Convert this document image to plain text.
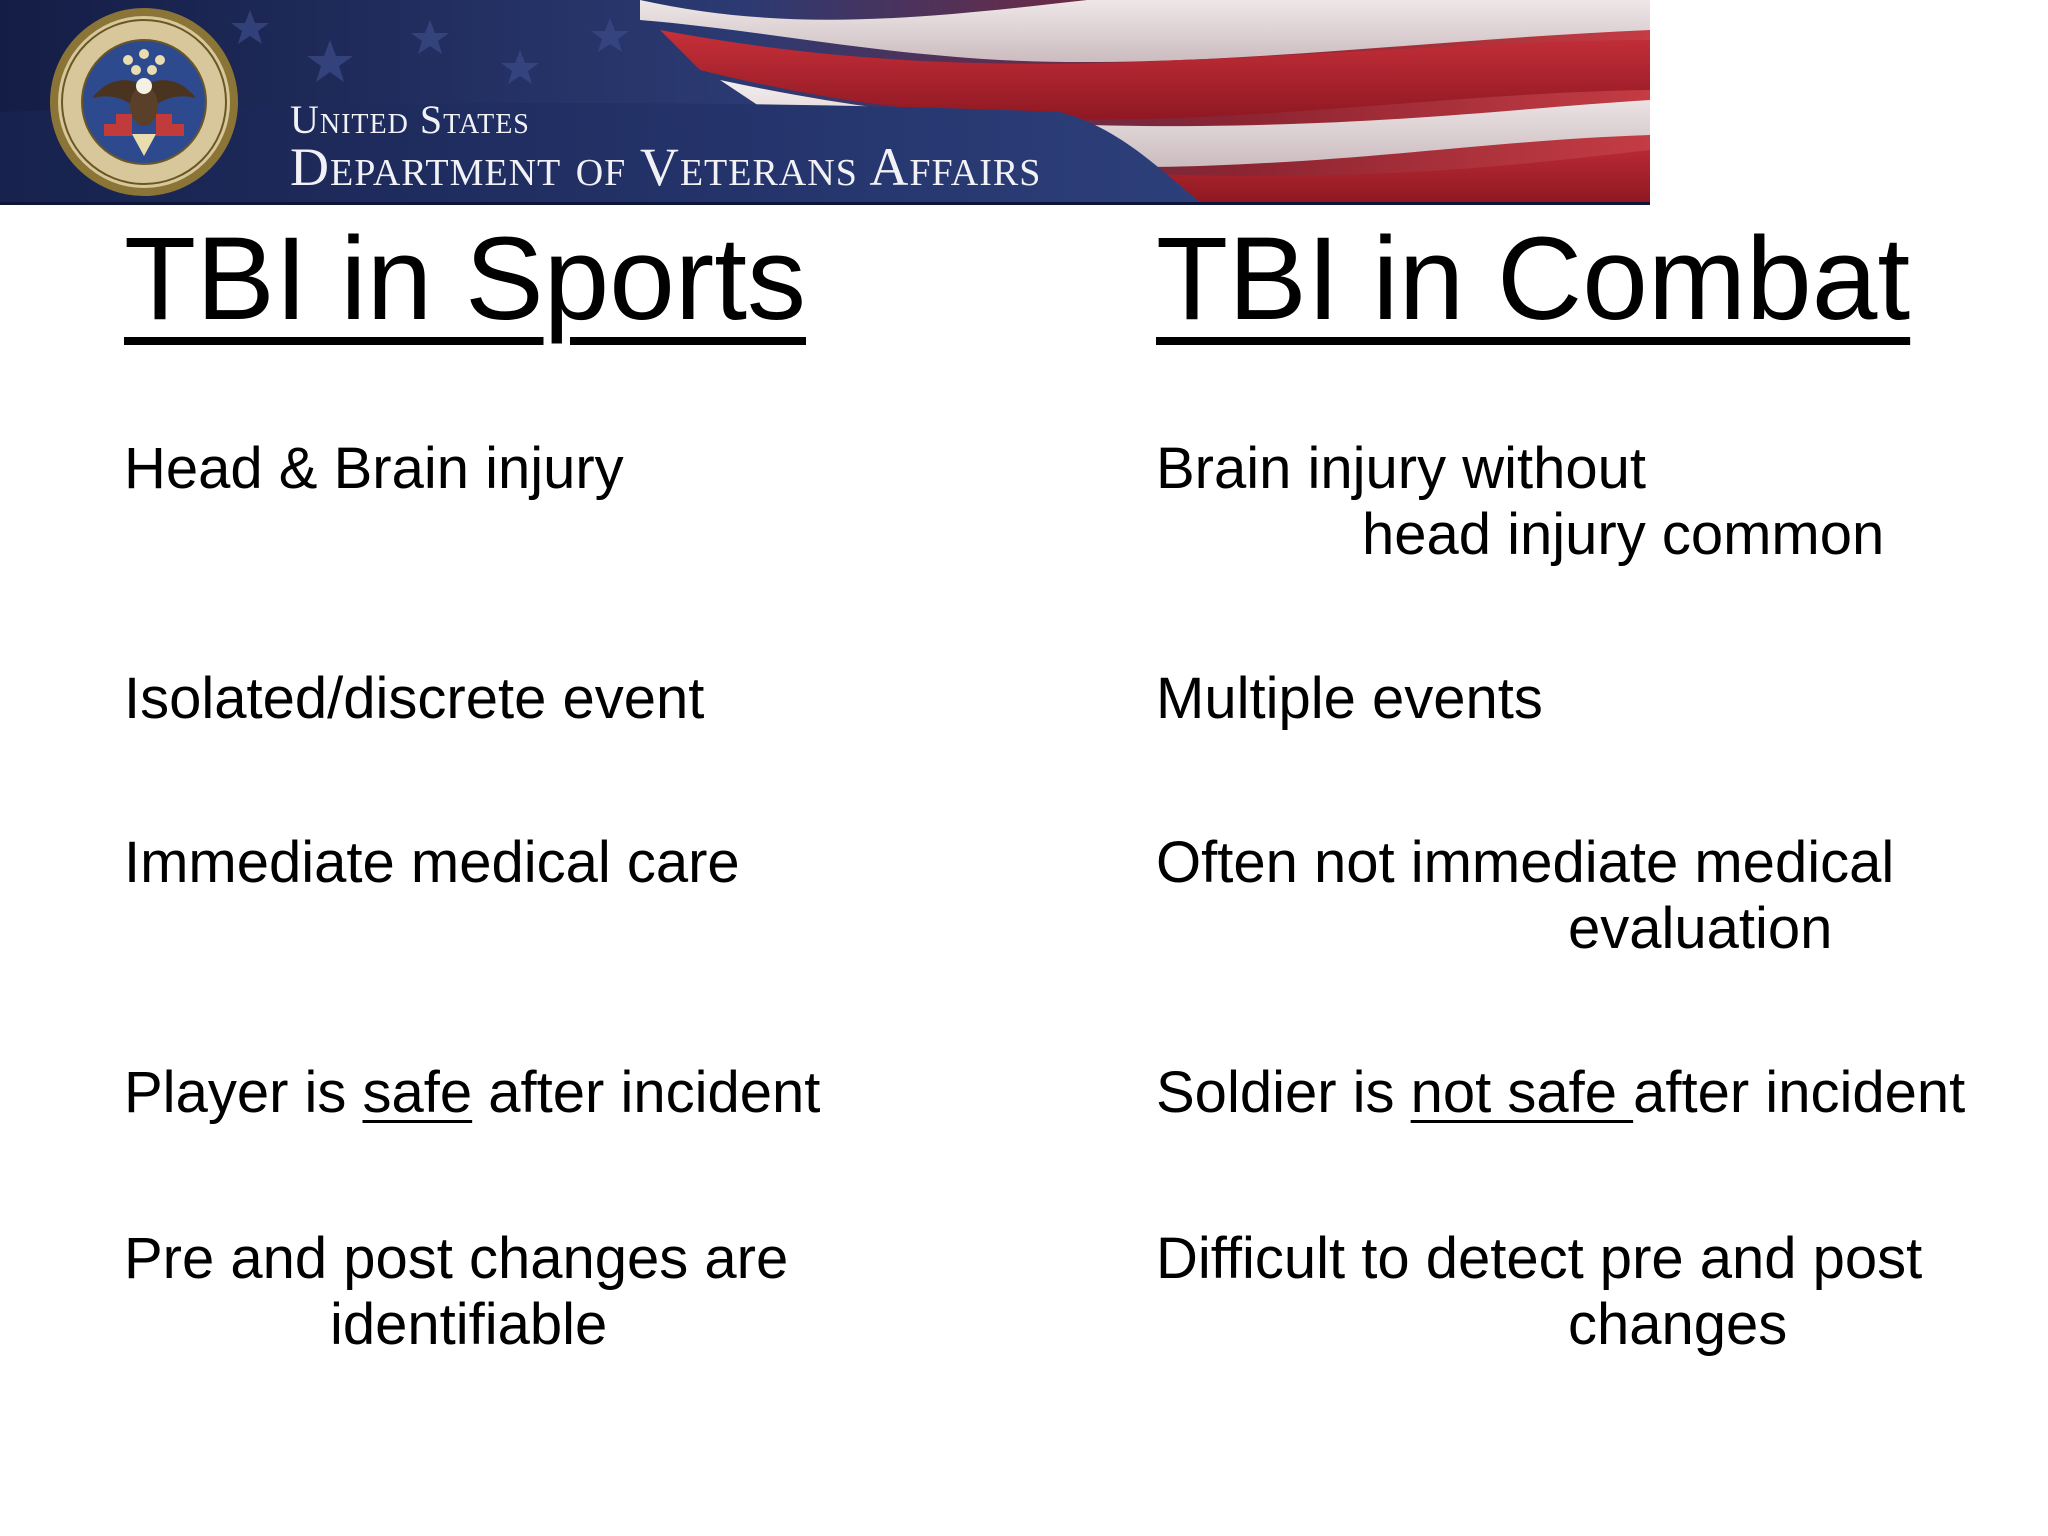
United States
Department of Veterans Affairs
TBI in Sports	TBI in Combat
Head & Brain injury
Isolated/discrete event
Immediate medical care
Player is safe after incident
Pre and post changes are
identifiable
Brain injury without
head injury common
Multiple events
Often not immediate medical
evaluation
Soldier is not safe after incident
Difficult to detect pre and post
changes
